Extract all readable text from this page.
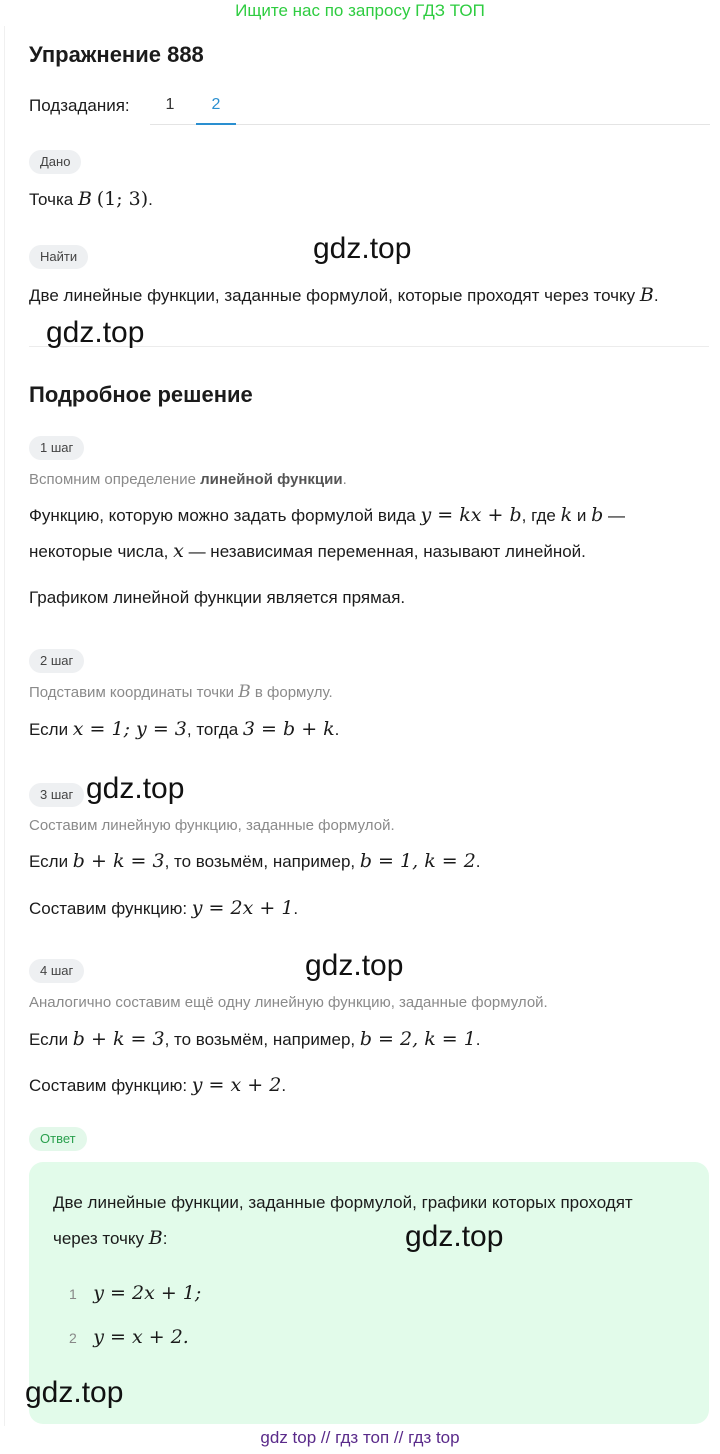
Ищите нас по запросу ГДЗ ТОП
Упражнение 888
Подзадания:	1	2
Дано
Точка B (1; 3).
Найти
Две линейные функции, заданные формулой, которые проходят через точку B.
Подробное решение
1 шаг
Вспомним определение линейной функции.
Функцию, которую можно задать формулой вида y = kx + b, где k и b —
некоторые числа, x — независимая переменная, называют линейной.
Графиком линейной функции является прямая.
2 шаг
Подставим координаты точки B в формулу.
Если x = 1; y = 3, тогда 3 = b + k.
3 шаг
Составим линейную функцию, заданные формулой.
Если b + k = 3, то возьмём, например, b = 1, k = 2.
Составим функцию: y = 2x + 1.
4 шаг
Аналогично составим ещё одну линейную функцию, заданные формулой.
Если b + k = 3, то возьмём, например, b = 2, k = 1.
Составим функцию: y = x + 2.
Ответ
Две линейные функции, заданные формулой, графики которых проходят
через точку B:
1 y = 2x + 1;
2 y = x + 2.
gdz.top
gdz.top
gdz.top
gdz.top
gdz.top
gdz.top
gdz top // гдз топ // гдз top
